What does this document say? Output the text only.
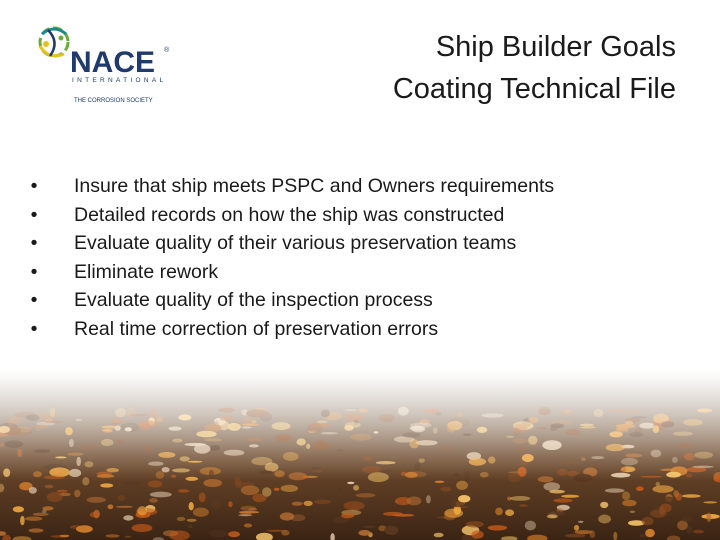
NACE ®
INTERNATIONAL
THE CORROSION SOCIETY
Ship Builder Goals
Coating Technical File
• Insure that ship meets PSPC and Owners requirements
• Detailed records on how the ship was constructed
• Evaluate quality of their various preservation teams
• Eliminate rework
• Evaluate quality of the inspection process
• Real time correction of preservation errors
